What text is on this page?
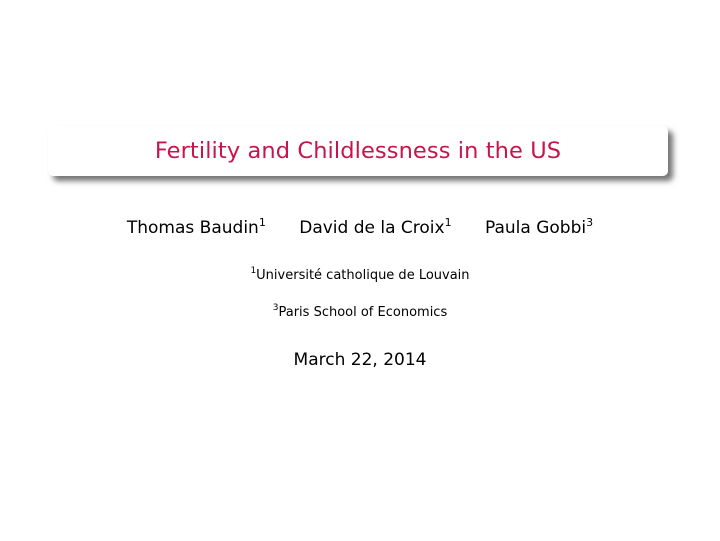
Fertility and Childlessness in the US
Thomas Baudin$^1$ David de la Croix$^1$ Paula Gobbi$^3$
$^1$Université catholique de Louvain
$^3$Paris School of Economics
March 22, 2014
